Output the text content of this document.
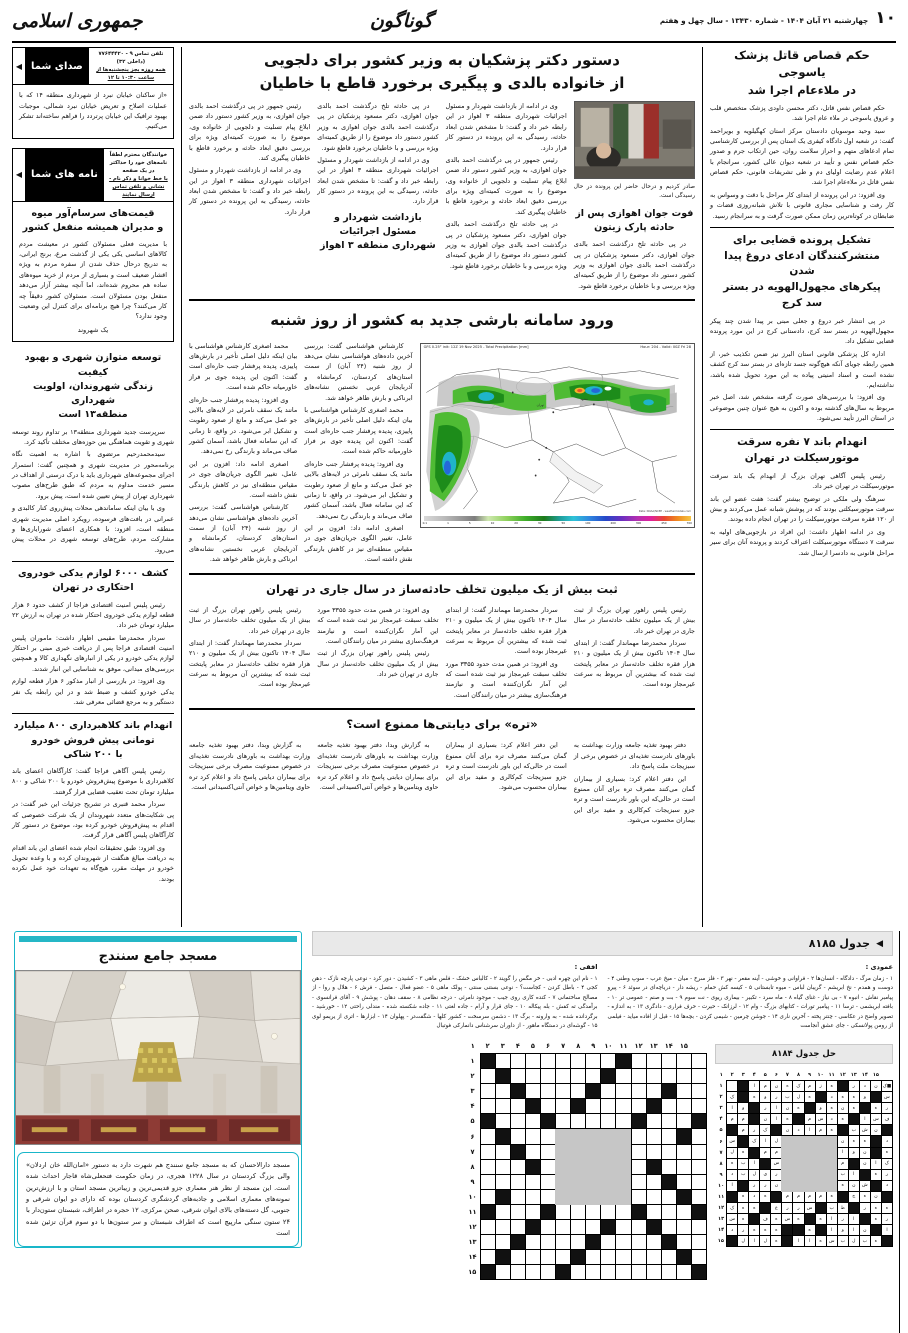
۱۰
چهارشنبه ۲۱ آبان ۱۴۰۴ - شماره ۱۳۴۳۰ - سال چهل و هفتم
گوناگون
جمهوری اسلامی
حکم قصاص قاتل پزشک یاسوجی
در ملاءعام اجرا شد

حکم قصاص نفس قاتل، دکتر محسن داودی پزشک متخصص قلب و عروق یاسوجی در ملاء عام اجرا شد.

سید وحید موسویان دادستان مرکز استان کهگیلویه و بویراحمد گفت: در شعبه اول دادگاه کیفری یک استان پس از بررسی کارشناسی تمام ادعاهای متهم و احراز سلامت روان، حین ارتکاب جرم و صدور حکم قصاص نفس و تأیید در شعبه دیوان عالی کشور، سرانجام با اعلام عدم رضایت اولیای دم و طی تشریفات قانونی، حکم قصاص نفس قاتل در ملاءعام اجرا شد.

وی افزود: در این پرونده از ابتدای کار مراحل با دقت و وسواس به کار رفت و شناسایی مجاری قانونی با تلاش شبانه‌روزی قضات و ضابطان در کوتاه‌ترین زمان ممکن صورت گرفت و به سرانجام رسید.

تشکیل پرونده قضایی برای
منتشرکنندگان ادعای دروغ پیدا شدن
پیکرهای مجهول‌الهویه در بستر
سد کرج

در پی انتشار خبر دروغ و جعلی مبنی بر پیدا شدن چند پیکر مجهول‌الهویه در بستر سد کرج، دادستانی کرج در این مورد پرونده قضایی تشکیل داد.

اداره کل پزشکی قانونی استان البرز نیز ضمن تکذیب خبر، از همین رابطه جویای آنکه هیچ‌گونه جسد تازه‌ای در بستر سد کرج کشف نشده است و اسناد امنیتی پیاده به این مورد تحویل شده باشد، نداشته‌ایم.

وی افزود: با بررسی‌های صورت گرفته مشخص شد، اصل خبر مربوط به سال‌های گذشته بوده و اکنون به هیچ عنوان چنین موضوعی در استان البرز تأیید نمی‌شود.

انهدام باند ۷ نفره سرقت
موتورسیکلت در تهران

رئیس پلیس آگاهی تهران بزرگ از انهدام یک باند سرقت موتورسیکلت در تهران خبر داد.

سرهنگ ولی ملکی در توضیح بیشتر گفت: هفت عضو این باند سرقت موتورسیکلتی بودند که در پوشش شبانه عمل می‌کردند و بیش از ۱۲۰ فقره سرقت موتورسیکلت را در تهران انجام داده بودند.

وی در ادامه اظهار داشت: این افراد در بازجویی‌های اولیه به سرقت ۷ دستگاه موتورسیکلت اعتراف کردند و پرونده آنان برای سیر مراحل قانونی به دادسرا ارسال شد.

دستور دکتر پزشکیان به وزیر کشور برای دلجویی
از خانواده بالدی و پیگیری برخورد قاطع با خاطیان
صادر کردیم و درحال حاضر این پرونده در حال رسیدگی است.
فوت جوان اهوازی پس از حادثه پارک زیتون

در پی حادثه تلخ درگذشت احمد بالدی جوان اهوازی، دکتر مسعود پزشکیان در پی درگذشت احمد بالدی جوان اهوازی به وزیر کشور دستور داد موضوع را از طریق کمیته‌ای ویژه بررسی و با خاطیان برخورد قاطع شود.

وی در ادامه از بازداشت شهردار و مسئول اجرائیات شهرداری منطقه ۳ اهواز در این رابطه خبر داد و گفت: تا مشخص شدن ابعاد حادثه، رسیدگی به این پرونده در دستور کار قرار دارد.

رئیس جمهور در پی درگذشت احمد بالدی جوان اهوازی، به وزیر کشور دستور داد ضمن ابلاغ پیام تسلیت و دلجویی از خانواده وی، موضوع را به صورت کمیته‌ای ویژه برای بررسی دقیق ابعاد حادثه و برخورد قاطع با خاطیان پیگیری کند.

در پی حادثه تلخ درگذشت احمد بالدی جوان اهوازی، دکتر مسعود پزشکیان در پی درگذشت احمد بالدی جوان اهوازی به وزیر کشور دستور داد موضوع را از طریق کمیته‌ای ویژه بررسی و با خاطیان برخورد قاطع شود.

در پی حادثه تلخ درگذشت احمد بالدی جوان اهوازی، دکتر مسعود پزشکیان در پی درگذشت احمد بالدی جوان اهوازی به وزیر کشور دستور داد موضوع را از طریق کمیته‌ای ویژه بررسی و با خاطیان برخورد قاطع شود.

وی در ادامه از بازداشت شهردار و مسئول اجرائیات شهرداری منطقه ۳ اهواز در این رابطه خبر داد و گفت: تا مشخص شدن ابعاد حادثه، رسیدگی به این پرونده در دستور کار قرار دارد.

بازداشت شهردار و مسئول اجرائیات شهرداری منطقه ۳ اهواز

رئیس جمهور در پی درگذشت احمد بالدی جوان اهوازی، به وزیر کشور دستور داد ضمن ابلاغ پیام تسلیت و دلجویی از خانواده وی، موضوع را به صورت کمیته‌ای ویژه برای بررسی دقیق ابعاد حادثه و برخورد قاطع با خاطیان پیگیری کند.

وی در ادامه از بازداشت شهردار و مسئول اجرائیات شهرداری منطقه ۳ اهواز در این رابطه خبر داد و گفت: تا مشخص شدن ابعاد حادثه، رسیدگی به این پرونده در دستور کار قرار دارد.

ورود سامانه بارشی جدید به کشور از روز شنبه
GFS 0.25° init: 12Z 19 Nov 2025 - Total Precipitation [mm]	Hour: 204 - Valid: 00Z Fri 28
تهران
مشهد
Data: NOAA/NCEP - weathermodels.com
0.1	1	5	10	20	30	50	100	200	300	450	700

کارشناس هواشناسی گفت: بررسی آخرین داده‌های هواشناسی نشان می‌دهد از روز شنبه (۲۴ آبان) از سمت استان‌های کردستان، کرمانشاه و آذربایجان غربی نخستین نشانه‌های ابرناکی و بارش ظاهر خواهد شد.

محمد اصغری کارشناس هواشناسی با بیان اینکه دلیل اصلی تأخیر در بارش‌های پاییزی، پدیده پرفشار جنب حاره‌ای است گفت: اکنون این پدیده جوی بر فراز خاورمیانه حاکم شده است.

وی افزود: پدیده پرفشار جنب حاره‌ای مانند یک سقف نامرئی در لایه‌های بالایی جو عمل می‌کند و مانع از صعود رطوبت و تشکیل ابر می‌شود. در واقع، تا زمانی که این سامانه فعال باشد، آسمان کشور صاف می‌ماند و بارندگی رخ نمی‌دهد.

اصغری ادامه داد: افزون بر این عامل، تغییر الگوی جریان‌های جوی در مقیاس منطقه‌ای نیز در کاهش بارندگی نقش داشته است.

محمد اصغری کارشناس هواشناسی با بیان اینکه دلیل اصلی تأخیر در بارش‌های پاییزی، پدیده پرفشار جنب حاره‌ای است گفت: اکنون این پدیده جوی بر فراز خاورمیانه حاکم شده است.

وی افزود: پدیده پرفشار جنب حاره‌ای مانند یک سقف نامرئی در لایه‌های بالایی جو عمل می‌کند و مانع از صعود رطوبت و تشکیل ابر می‌شود. در واقع، تا زمانی که این سامانه فعال باشد، آسمان کشور صاف می‌ماند و بارندگی رخ نمی‌دهد.

اصغری ادامه داد: افزون بر این عامل، تغییر الگوی جریان‌های جوی در مقیاس منطقه‌ای نیز در کاهش بارندگی نقش داشته است.

کارشناس هواشناسی گفت: بررسی آخرین داده‌های هواشناسی نشان می‌دهد از روز شنبه (۲۴ آبان) از سمت استان‌های کردستان، کرمانشاه و آذربایجان غربی نخستین نشانه‌های ابرناکی و بارش ظاهر خواهد شد.

ثبت بیش از یک میلیون تخلف حادثه‌ساز در سال جاری در تهران

رئیس پلیس راهور تهران بزرگ از ثبت بیش از یک میلیون تخلف حادثه‌ساز در سال جاری در تهران خبر داد.

سردار محمدرضا مهماندار گفت: از ابتدای سال ۱۴۰۴ تاکنون بیش از یک میلیون و ۲۱۰ هزار فقره تخلف حادثه‌ساز در معابر پایتخت ثبت شده که بیشترین آن مربوط به سرعت غیرمجاز بوده است.

سردار محمدرضا مهماندار گفت: از ابتدای سال ۱۴۰۴ تاکنون بیش از یک میلیون و ۲۱۰ هزار فقره تخلف حادثه‌ساز در معابر پایتخت ثبت شده که بیشترین آن مربوط به سرعت غیرمجاز بوده است.

وی افزود: در همین مدت حدود ۳۳۵۵ مورد تخلف سبقت غیرمجاز نیز ثبت شده است که این آمار نگران‌کننده است و نیازمند فرهنگ‌سازی بیشتر در میان رانندگان است.

وی افزود: در همین مدت حدود ۳۳۵۵ مورد تخلف سبقت غیرمجاز نیز ثبت شده است که این آمار نگران‌کننده است و نیازمند فرهنگ‌سازی بیشتر در میان رانندگان است.

رئیس پلیس راهور تهران بزرگ از ثبت بیش از یک میلیون تخلف حادثه‌ساز در سال جاری در تهران خبر داد.

رئیس پلیس راهور تهران بزرگ از ثبت بیش از یک میلیون تخلف حادثه‌ساز در سال جاری در تهران خبر داد.

سردار محمدرضا مهماندار گفت: از ابتدای سال ۱۴۰۴ تاکنون بیش از یک میلیون و ۲۱۰ هزار فقره تخلف حادثه‌ساز در معابر پایتخت ثبت شده که بیشترین آن مربوط به سرعت غیرمجاز بوده است.

«تره» برای دیابتی‌ها ممنوع است؟

دفتر بهبود تغذیه جامعه وزارت بهداشت به باورهای نادرست تغذیه‌ای در خصوص برخی از سبزیجات ملت پاسخ داد.

این دفتر اعلام کرد: بسیاری از بیماران گمان می‌کنند مصرف تره برای آنان ممنوع است در حالی‌که این باور نادرست است و تره جزو سبزیجات کم‌کالری و مفید برای این بیماران محسوب می‌شود.

این دفتر اعلام کرد: بسیاری از بیماران گمان می‌کنند مصرف تره برای آنان ممنوع است در حالی‌که این باور نادرست است و تره جزو سبزیجات کم‌کالری و مفید برای این بیماران محسوب می‌شود.

به گزارش وبدا، دفتر بهبود تغذیه جامعه وزارت بهداشت به باورهای نادرست تغذیه‌ای در خصوص ممنوعیت مصرف برخی سبزیجات برای بیماران دیابتی پاسخ داد و اعلام کرد تره حاوی ویتامین‌ها و خواص آنتی‌اکسیدانی است.

به گزارش وبدا، دفتر بهبود تغذیه جامعه وزارت بهداشت به باورهای نادرست تغذیه‌ای در خصوص ممنوعیت مصرف برخی سبزیجات برای بیماران دیابتی پاسخ داد و اعلام کرد تره حاوی ویتامین‌ها و خواص آنتی‌اکسیدانی است.

تلفن تماس ۹ - ۷۷۶۴۴۴۲۰ (داخلی ۳۲)
همه روزه بجز پنجشنبه‌ها از ساعت ۱۰:۳۰ تا ۱۲
صدای شما
◀
«از ساکنان خیابان نبرد از شهرداری منطقه ۱۴ که با عملیات اصلاح و تعریض خیابان نبرد شمالی، موجبات بهبود ترافیک این خیابان پرتردد را فراهم ساخته‌اند تشکر می‌کنیم.
خوانندگان محترم لطفاً نامه‌های خود را حداکثر در یک صفحه
با خط خوانا و ذکر نام - نشانی و تلفن تماس ارسال نمایند
نامه های شما
◀
قیمت‌های سرسام‌آور میوه
و مدیران همیشه منفعل کشور
با مدیریت فعلی مسئولان کشور در معیشت مردم کالاهای اساسی یکی یکی از گذشت مرغ، برنج ایرانی، به تدریج درحال حذف شدن از سفره مردم به ویژه اقشار ضعیف است و بسیاری از مردم از خرید میوه‌های ساده هم محروم شده‌اند، اما آنچه بیشتر آزار می‌دهد منفعل بودن مسئولان است. مسئولان کشور دقیقاً چه کار می‌کنند؟ چرا هیچ برنامه‌ای برای کنترل این وضعیت وجود ندارد؟
یک شهروند
توسعه متوازن شهری و بهبود کیفیت
زندگی شهروندان، اولویت شهرداری
منطقه۱۳ است

سرپرست جدید شهرداری منطقه۱۳ بر تداوم روند توسعه شهری و تقویت هماهنگی بین حوزه‌های مختلف تأکید کرد.

سیدمحمدرحیم مرتضوی با اشاره به اهمیت نگاه برنامه‌محور در مدیریت شهری و همچنین گفت: استمرار اجرای مجموعه‌های شهرداری باید با درک درستی از اهداف در مسیر خدمت مداوم به مردم که طبق طرح‌های مصوب شهرداری تهران از پیش تعیین شده است، پیش برود.

وی با بیان اینکه ساماندهی محلات پیش‌روی کنار کالبدی و عمرانی در بافت‌های فرسوده، رویکرد اصلی مدیریت شهری منطقه است، افزود: با همکاری اعضای شورایاری‌ها و مشارکت مردم، طرح‌های توسعه شهری در محلات پیش می‌رود.

کشف ۶۰۰۰ لوازم یدکی خودروی
احتکاری در تهران

رئیس پلیس امنیت اقتصادی فراجا از کشف حدود ۶ هزار قطعه لوازم یدکی خودروی احتکار شده در تهران به ارزش ۲۲ میلیارد تومان خبر داد.

سردار محمدرضا مقیمی اظهار داشت: ماموران پلیس امنیت اقتصادی فراجا پس از دریافت خبری مبنی بر احتکار لوازم یدکی خودرو در یکی از انبارهای نگهداری کالا و همچنین بررسی‌های میدانی، موفق به شناسایی این انبار شدند.

وی افزود: در بازرسی از انبار مذکور ۶ هزار قطعه لوازم یدکی خودرو کشف و ضبط شد و در این رابطه یک نفر دستگیر و به مرجع قضائی معرفی شد.

انهدام باند کلاهبرداری ۸۰۰ میلیارد
تومانی پیش فروش خودرو
با ۲۰۰ شاکی

رئیس پلیس آگاهی فراجا گفت: کارآگاهان اعضای باند کلاهبرداری با موضوع پیش‌فروش خودرو با ۲۰۰ شاکی و ۸۰۰ میلیارد تومان تحت تعقیب قضایی قرار گرفتند.

سردار محمد قنبری در تشریح جزئیات این خبر گفت: در پی شکایت‌های متعدد شهروندان از یک شرکت خصوصی که اقدام به پیش‌فروش خودرو کرده بود، موضوع در دستور کار کارآگاهان پلیس آگاهی قرار گرفت.

وی افزود: طبق تحقیقات انجام شده اعضای این باند اقدام به دریافت مبالغ هنگفت از شهروندان کرده و با وعده تحویل خودرو در مهلت مقرر، هیچ‌گاه به تعهدات خود عمل نکرده بودند.

◀
جدول ۸۱۸۵
عمودی :
۱ - زمان مرگ - دادگاه - انسان‌ها ۲ - فراوانی و خوشی - آینه مقعر - نهر ۳ - فلز سرخ - میان - میخ عرب - سوپ وطنی ۴ - دوست و همدم - نخ ابریشم - گریبان لباس - میوه تابستانی ۵ - کیسه کش حمام - ریشه دار - دریاچه‌ای در سوئد ۶ - پیرو پیامبر نقاش - انبوه ۷ - بی نیاز - غنای گیاه ۸ - ماه سرد - تکبیر - بیماری ریوی - نت سوم ۹ - بت و صنم - عمومی تر ۱۰ - بافته ابریشمی - ترسا ۱۱ - پیامبر تورات - کتابهای بزرگ - وام ۱۲ - لرزانک - حیرت - حرف فراری - دادگری ۱۳ - به اندازه - تصویر واضح در عکاسی - چنتر پخته - آخرین ناری ۱۴ - جوشن چرمین - شیمی کردن - بچه‌ها ۱۵ - قبل از افاده میاید - فیلمی از رومن پولانسکی - جای عشق آنجاست
افقی :
۱ - نام این چهره ادبی - خر مگس را گویند ۲ - کالباس خشک - فلس ماهی ۳ - کشیدن - دور کرد - نوعی پارچه نازک - دهن کجی ۴ - باطل کردن - کجاست؟ - نوعی بستنی سنتی - پولک ماهی ۵ - عضو فعال - متصل - فرش ۶ - هلال و روا - از مصالح ساختمانی ۷ - کنده کاری روی جیب - موجود نامرئی - درجه نظامی ۸ - سقف دهان - پوشش ۹ - آقای فرانسوی - برآمدگی ته کفش - بله پیکاله ۱۰ - جای قرار و آرام - جاده لغتی ۱۱ - جاده شکسته شده - مندلی راحتی ۱۲ - خورشید - برگردانده شده - به وارونه - برگ ۱۳ - دشمن سرسخت - کشور کلها - شگفت‌تر - پهلوان ۱۴ - ابزارها - اتری از یریمو لوی ۱۵ - گوشه‌ای در دستگاه ماهور - از داوران سرشناس دانمارکی فوتبال
حل جدول ۸۱۸۴
	۱۵	۱۴	۱۳	۱۲	۱۱	۱۰	۹	۸	۷	۶	۵	۴	۳	۲	۱
■ک	ن	د	ر		ه	ز	م	ک	ه	ن	م	ا			۱
س		و	ه	ه	د		ه	ل	ب	ر	و	ه		ک	۲
ر	ه		ه	ن	ه	و		ه	ن	ا	ر		و	ا	۳
ف	س	ا		ه	د	س	م		ه	ا	ن		م	م	۴
	ن	ش	ب		ه	م	ا	د	ن		ک	ر	م		۵
د		ه	ه	ن						ل	ا	ک		س	۶
ه		ن	و	ا						م	م		ه	ل	۷
ک	ا	ن		م						س		ا	ب	ه	۸
ر	ه		ا	ب						ر	ی	ل	ب	د	۹
د		ش	ن	ه						ن	ر	ر		ا	۱۰
	ن	ه	ج		ه	م	م	م	م		ه	د	ه		۱۱
ه	ه	ر		ط	ب		س	ر	ر	ع		ه	ه	ک	۱۲
ر	ه		ا	ر	ا	ه		ه	س	ه	ف		ه	س	۱۳
ا		ن	ا	و	ا		ه			ه	ه	ه	ر	د	۱۴
	ه	ب	ل	ب	س	ه	ا	ا		ه	ل	ا	ل		۱۵
	۱۵	۱۴	۱۳	۱۲	۱۱	۱۰	۹	۸	۷	۶	۵	۴	۳	۲	۱
															۱
															۲
															۳
															۴
															۵
															۶
															۷
															۸
															۹
															۱۰
															۱۱
															۱۲
															۱۳
															۱۴
															۱۵
مسجد جامع سنندج
مسجد دارالاحسان که به مسجد جامع سنندج هم شهرت دارد به دستور «امان‌الله خان اردلان» والی بزرگ کردستان در سال ۱۲۲۸ هجری، در زمان حکومت فتحعلی‌شاه قاجار احداث شده است. این مسجد از نظر هنر معماری جزو قدیمی‌ترین و زیباترین مسجد استان و با ارزش‌ترین نمونه‌های معماری اسلامی و جاذبه‌های گردشگری کردستان بوده که دارای دو ایوان شرقی و جنوبی، گل دسته‌های بالای ایوان شرقی، صحن مرکزی، ۱۲ حجره در اطراف، شبستان ستون‌دار با ۲۴ ستون سنگی مارپیچ است که اطراف شبستان و سر ستون‌ها با دو سوم قرآن تزئین شده است
